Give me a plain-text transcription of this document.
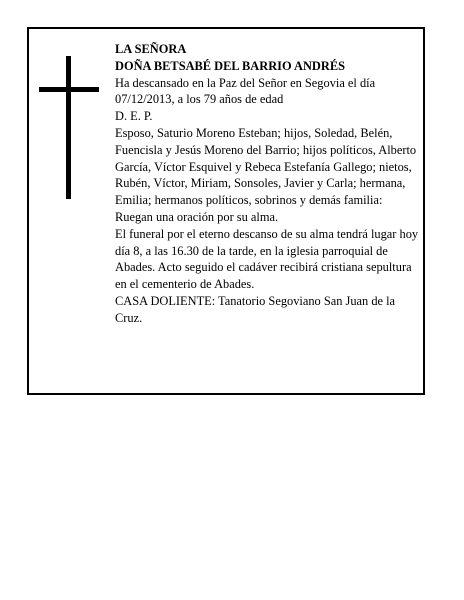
LA SEÑORA

DOÑA BETSABÉ DEL BARRIO ANDRÉS

Ha descansado en la Paz del Señor en Segovia el día 07/12/2013, a los 79 años de edad

D. E. P.

Esposo, Saturio Moreno Esteban; hijos, Soledad, Belén, Fuencisla y Jesús Moreno del Barrio; hijos políticos, Alberto García, Víctor Esquivel y Rebeca Estefanía Gallego; nietos, Rubén, Víctor, Miriam, Sonsoles, Javier y Carla; hermana, Emilia; hermanos políticos, sobrinos y demás familia:

Ruegan una oración por su alma.

El funeral por el eterno descanso de su alma tendrá lugar hoy día 8, a las 16.30 de la tarde, en la iglesia parroquial de Abades. Acto seguido el cadáver recibirá cristiana sepultura en el cementerio de Abades.

CASA DOLIENTE: Tanatorio Segoviano San Juan de la Cruz.
